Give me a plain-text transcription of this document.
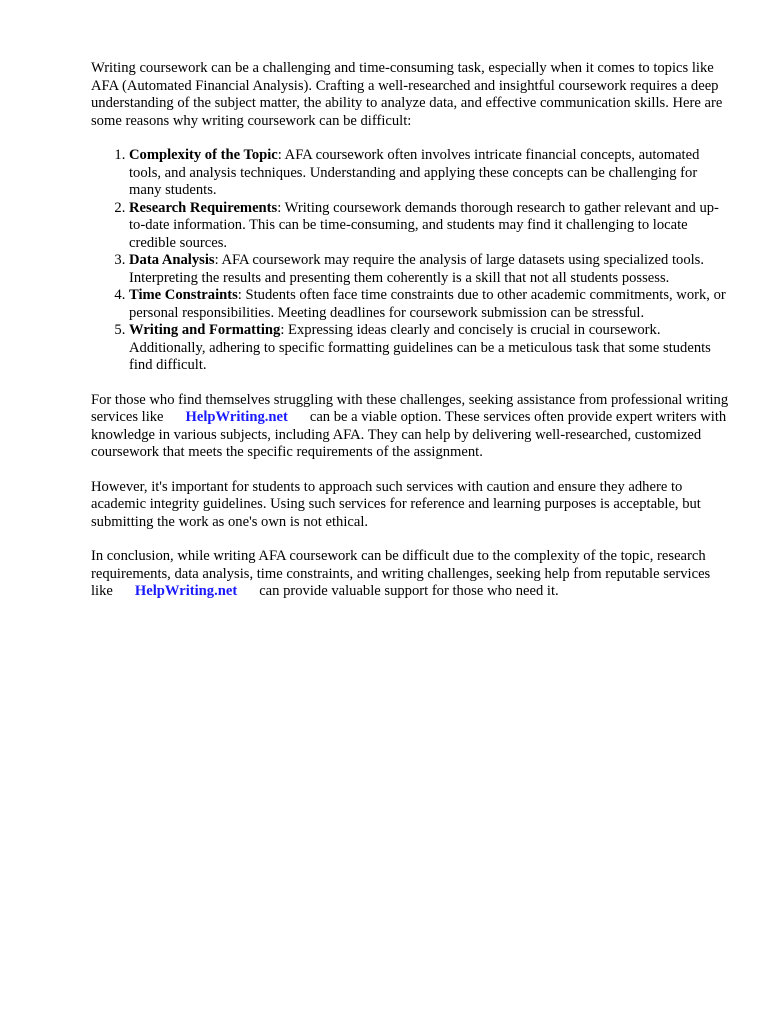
Writing coursework can be a challenging and time-consuming task, especially when it comes to topics like AFA (Automated Financial Analysis). Crafting a well-researched and insightful coursework requires a deep understanding of the subject matter, the ability to analyze data, and effective communication skills. Here are some reasons why writing coursework can be difficult:

1. Complexity of the Topic: AFA coursework often involves intricate financial concepts, automated tools, and analysis techniques. Understanding and applying these concepts can be challenging for many students.
2. Research Requirements: Writing coursework demands thorough research to gather relevant and up-to-date information. This can be time-consuming, and students may find it challenging to locate credible sources.
3. Data Analysis: AFA coursework may require the analysis of large datasets using specialized tools. Interpreting the results and presenting them coherently is a skill that not all students possess.
4. Time Constraints: Students often face time constraints due to other academic commitments, work, or personal responsibilities. Meeting deadlines for coursework submission can be stressful.
5. Writing and Formatting: Expressing ideas clearly and concisely is crucial in coursework. Additionally, adhering to specific formatting guidelines can be a meticulous task that some students find difficult.

For those who find themselves struggling with these challenges, seeking assistance from professional writing services like HelpWriting.net can be a viable option. These services often provide expert writers with knowledge in various subjects, including AFA. They can help by delivering well-researched, customized coursework that meets the specific requirements of the assignment.

However, it's important for students to approach such services with caution and ensure they adhere to academic integrity guidelines. Using such services for reference and learning purposes is acceptable, but submitting the work as one's own is not ethical.

In conclusion, while writing AFA coursework can be difficult due to the complexity of the topic, research requirements, data analysis, time constraints, and writing challenges, seeking help from reputable services like HelpWriting.net can provide valuable support for those who need it.
